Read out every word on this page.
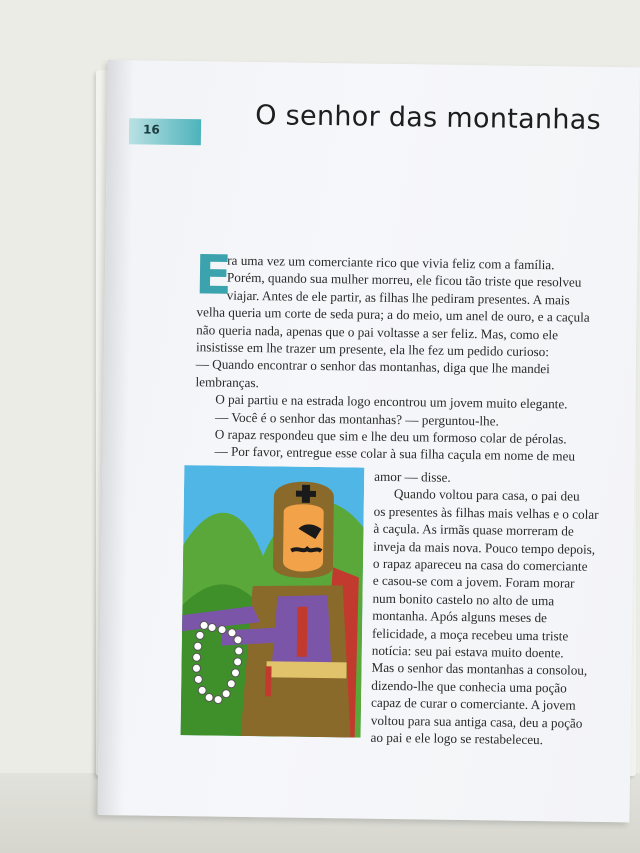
16	O senhor das montanhas
E

ra uma vez um comerciante rico que vivia feliz com a família.

Porém, quando sua mulher morreu, ele ficou tão triste que resolveu

viajar. Antes de ele partir, as filhas lhe pediram presentes. A mais

velha queria um corte de seda pura; a do meio, um anel de ouro, e a caçula

não queria nada, apenas que o pai voltasse a ser feliz. Mas, como ele

insistisse em lhe trazer um presente, ela lhe fez um pedido curioso:

— Quando encontrar o senhor das montanhas, diga que lhe mandei

lembranças.

O pai partiu e na estrada logo encontrou um jovem muito elegante.

— Você é o senhor das montanhas? — perguntou-lhe.

O rapaz respondeu que sim e lhe deu um formoso colar de pérolas.

— Por favor, entregue esse colar à sua filha caçula em nome de meu

amor — disse.

Quando voltou para casa, o pai deu

os presentes às filhas mais velhas e o colar

à caçula. As irmãs quase morreram de

inveja da mais nova. Pouco tempo depois,

o rapaz apareceu na casa do comerciante

e casou-se com a jovem. Foram morar

num bonito castelo no alto de uma

montanha. Após alguns meses de

felicidade, a moça recebeu uma triste

notícia: seu pai estava muito doente.

Mas o senhor das montanhas a consolou,

dizendo-lhe que conhecia uma poção

capaz de curar o comerciante. A jovem

voltou para sua antiga casa, deu a poção

ao pai e ele logo se restabeleceu.
